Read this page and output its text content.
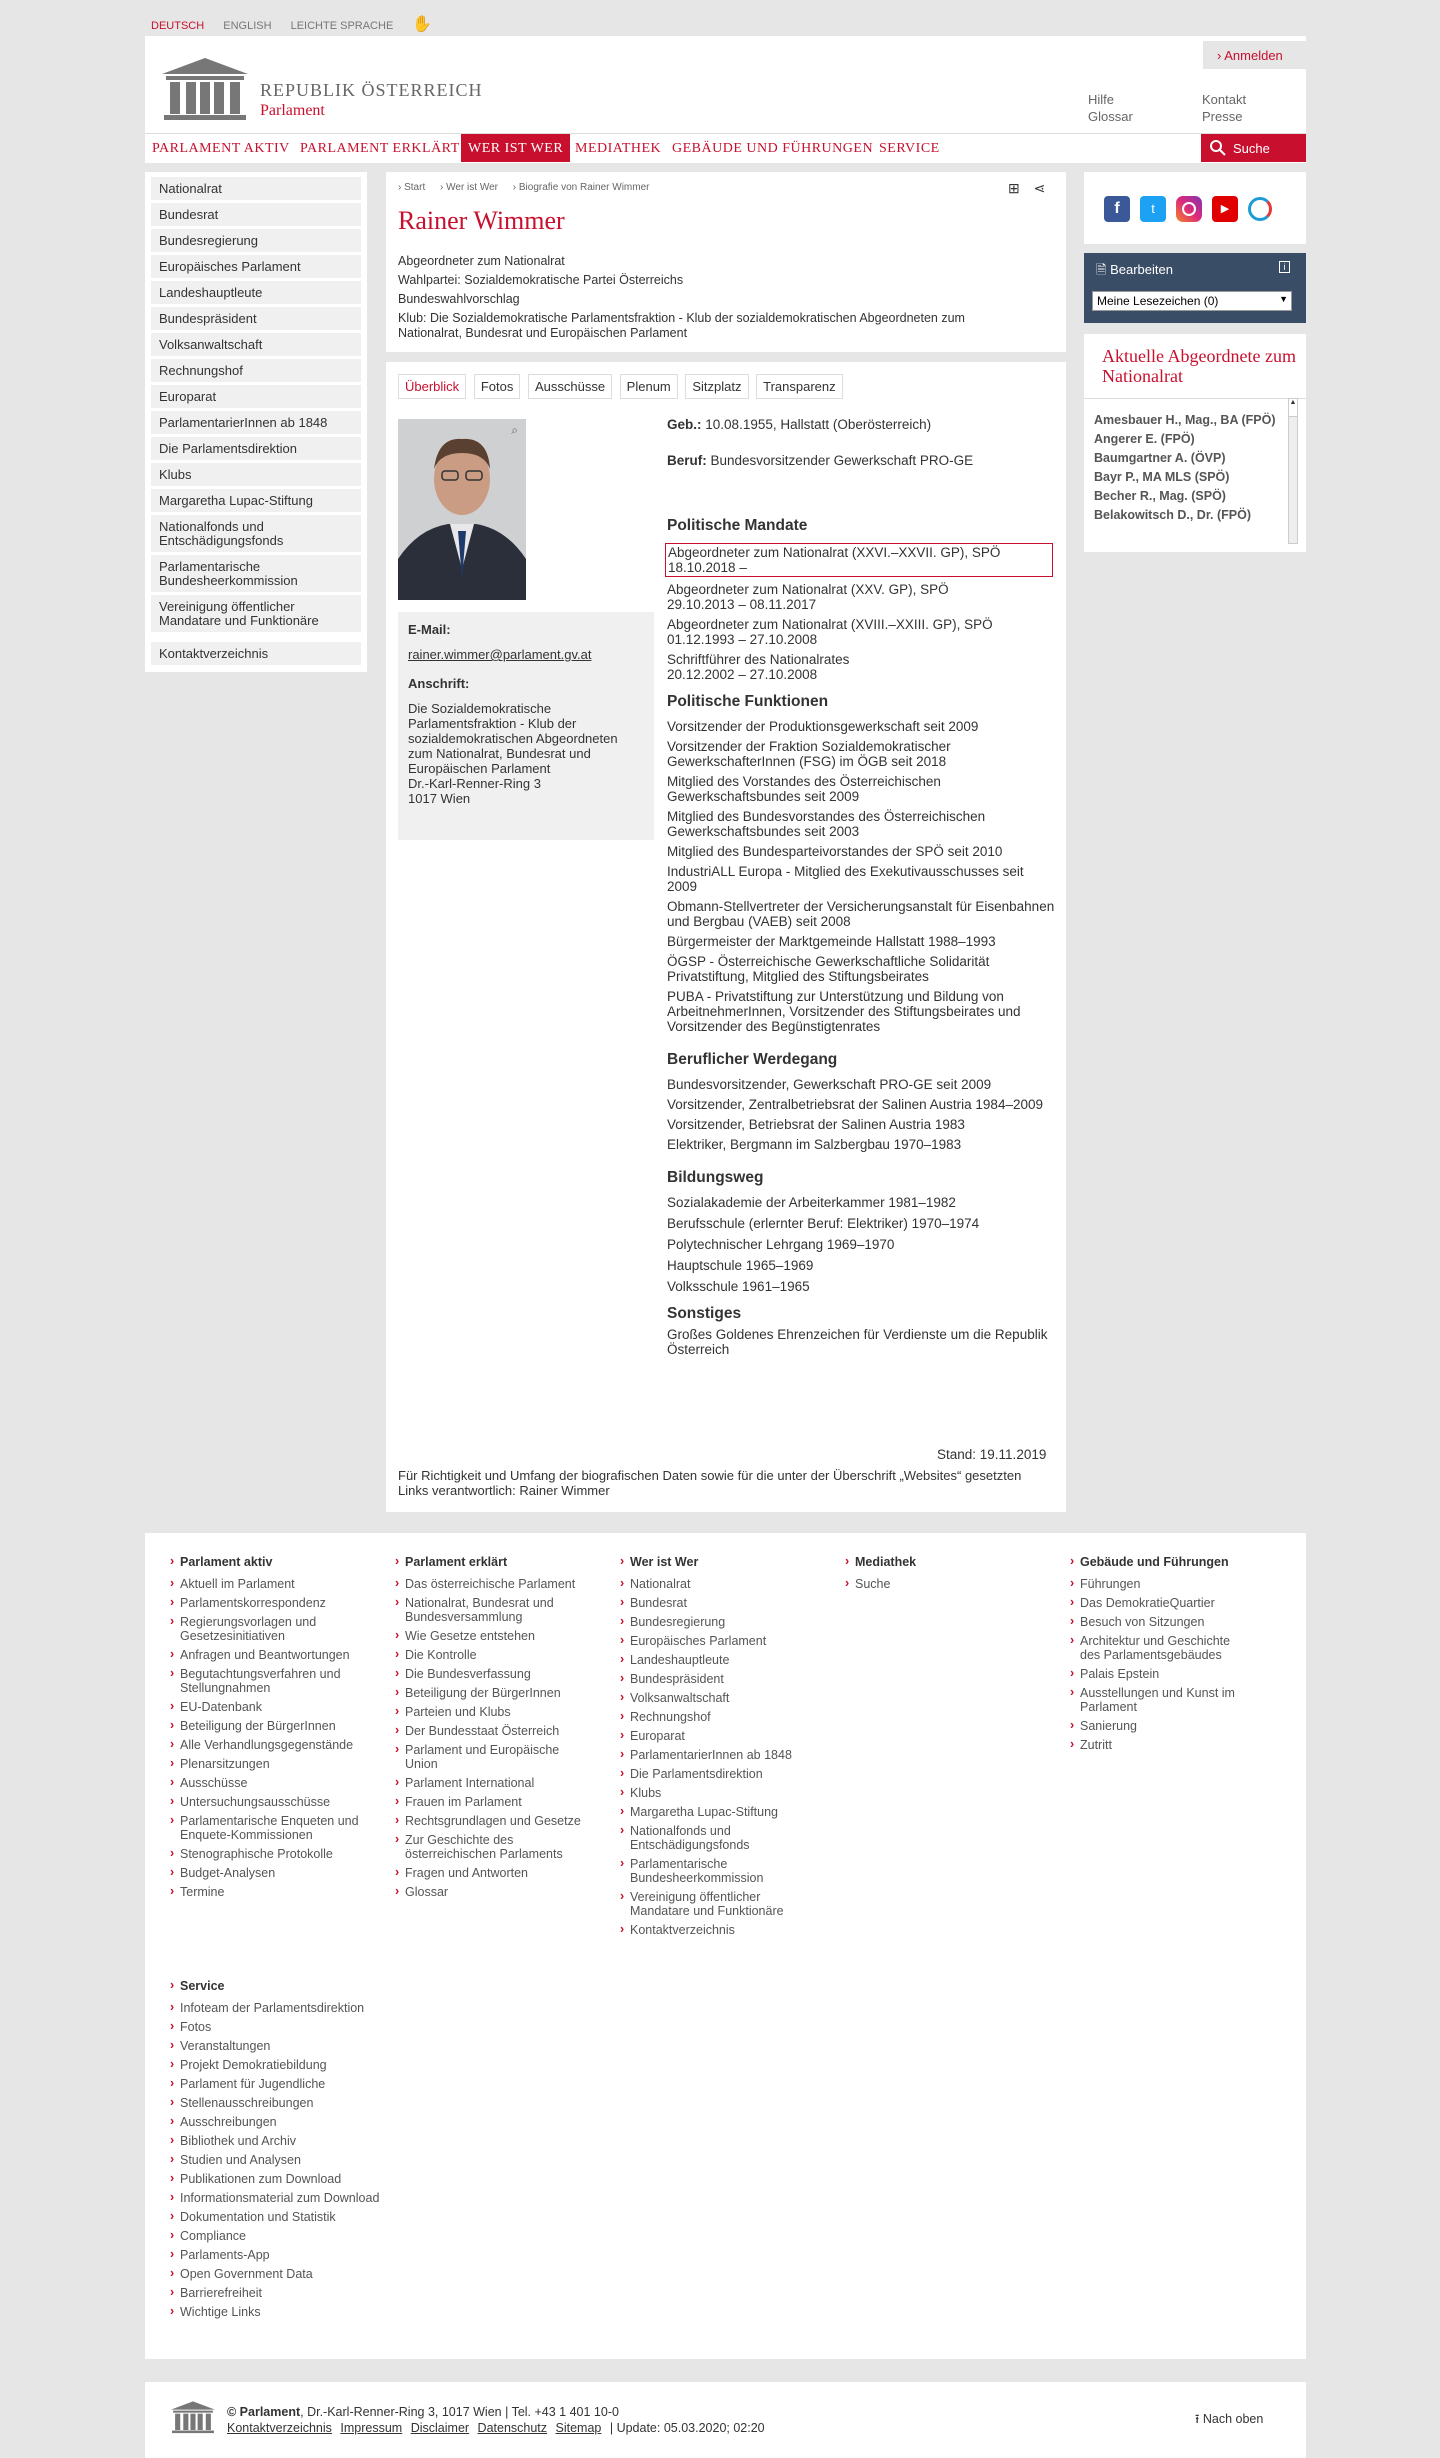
DEUTSCH ENGLISH LEICHTE SPRACHE ✋
REPUBLIK ÖSTERREICH
Parlament
› Anmelden
Hilfe
Glossar
Kontakt
Presse
PARLAMENT AKTIV PARLAMENT ERKLÄRT WER IST WER MEDIATHEK GEBÄUDE UND FÜHRUNGEN SERVICE	Suche
Nationalrat
Bundesrat
Bundesregierung
Europäisches Parlament
Landeshauptleute
Bundespräsident
Volksanwaltschaft
Rechnungshof
Europarat
ParlamentarierInnen ab 1848
Die Parlamentsdirektion
Klubs
Margaretha Lupac-Stiftung
Nationalfonds und Entschädigungsfonds
Parlamentarische Bundesheerkommission
Vereinigung öffentlicher Mandatare und Funktionäre
Kontaktverzeichnis
› Start › Wer ist Wer › Biografie von Rainer Wimmer	⊞ ⋖
Rainer Wimmer
Abgeordneter zum Nationalrat
Wahlpartei: Sozialdemokratische Partei Österreichs
Bundeswahlvorschlag
Klub: Die Sozialdemokratische Parlamentsfraktion - Klub der sozialdemokratischen Abgeordneten zum Nationalrat, Bundesrat und Europäischen Parlament
Überblick Fotos Ausschüsse Plenum Sitzplatz Transparenz
⌕
E-Mail:
rainer.wimmer@parlament.gv.at
Anschrift:
Die Sozialdemokratische Parlamentsfraktion - Klub der sozialdemokratischen Abgeordneten zum Nationalrat, Bundesrat und Europäischen Parlament
Dr.-Karl-Renner-Ring 3
1017 Wien
Geb.: 10.08.1955, Hallstatt (Oberösterreich)
Beruf: Bundesvorsitzender Gewerkschaft PRO-GE
Politische Mandate
Abgeordneter zum Nationalrat (XXVI.–XXVII. GP), SPÖ
18.10.2018 –
Abgeordneter zum Nationalrat (XXV. GP), SPÖ
29.10.2013 – 08.11.2017
Abgeordneter zum Nationalrat (XVIII.–XXIII. GP), SPÖ
01.12.1993 – 27.10.2008
Schriftführer des Nationalrates
20.12.2002 – 27.10.2008
Politische Funktionen
Vorsitzender der Produktionsgewerkschaft seit 2009
Vorsitzender der Fraktion Sozialdemokratischer GewerkschafterInnen (FSG) im ÖGB seit 2018
Mitglied des Vorstandes des Österreichischen Gewerkschaftsbundes seit 2009
Mitglied des Bundesvorstandes des Österreichischen Gewerkschaftsbundes seit 2003
Mitglied des Bundesparteivorstandes der SPÖ seit 2010
IndustriALL Europa - Mitglied des Exekutivausschusses seit 2009
Obmann-Stellvertreter der Versicherungsanstalt für Eisenbahnen und Bergbau (VAEB) seit 2008
Bürgermeister der Marktgemeinde Hallstatt 1988–1993
ÖGSP - Österreichische Gewerkschaftliche Solidarität Privatstiftung, Mitglied des Stiftungsbeirates
PUBA - Privatstiftung zur Unterstützung und Bildung von ArbeitnehmerInnen, Vorsitzender des Stiftungsbeirates und Vorsitzender des Begünstigtenrates
Beruflicher Werdegang
Bundesvorsitzender, Gewerkschaft PRO-GE seit 2009
Vorsitzender, Zentralbetriebsrat der Salinen Austria 1984–2009
Vorsitzender, Betriebsrat der Salinen Austria 1983
Elektriker, Bergmann im Salzbergbau 1970–1983
Bildungsweg
Sozialakademie der Arbeiterkammer 1981–1982
Berufsschule (erlernter Beruf: Elektriker) 1970–1974
Polytechnischer Lehrgang 1969–1970
Hauptschule 1965–1969
Volksschule 1961–1965
Sonstiges
Großes Goldenes Ehrenzeichen für Verdienste um die Republik Österreich
Stand: 19.11.2019
Für Richtigkeit und Umfang der biografischen Daten sowie für die unter der Überschrift „Websites“ gesetzten Links verantwortlich: Rainer Wimmer
f	t	▶
🗎 Bearbeiten	i
Meine Lesezeichen (0)	▼
Aktuelle Abgeordnete zum Nationalrat
Amesbauer H., Mag., BA (FPÖ)
Angerer E. (FPÖ)
Baumgartner A. (ÖVP)
Bayr P., MA MLS (SPÖ)
Becher R., Mag. (SPÖ)
Belakowitsch D., Dr. (FPÖ)
▲
› Parlament aktiv
› Aktuell im Parlament
› Parlamentskorrespondenz
› Regierungsvorlagen und Gesetzesinitiativen
› Anfragen und Beantwortungen
› Begutachtungsverfahren und Stellungnahmen
› EU-Datenbank
› Beteiligung der BürgerInnen
› Alle Verhandlungsgegenstände
› Plenarsitzungen
› Ausschüsse
› Untersuchungsausschüsse
› Parlamentarische Enqueten und Enquete-Kommissionen
› Stenographische Protokolle
› Budget-Analysen
› Termine
› Parlament erklärt
› Das österreichische Parlament
› Nationalrat, Bundesrat und Bundesversammlung
› Wie Gesetze entstehen
› Die Kontrolle
› Die Bundesverfassung
› Beteiligung der BürgerInnen
› Parteien und Klubs
› Der Bundesstaat Österreich
› Parlament und Europäische Union
› Parlament International
› Frauen im Parlament
› Rechtsgrundlagen und Gesetze
› Zur Geschichte des österreichischen Parlaments
› Fragen und Antworten
› Glossar
› Wer ist Wer
› Nationalrat
› Bundesrat
› Bundesregierung
› Europäisches Parlament
› Landeshauptleute
› Bundespräsident
› Volksanwaltschaft
› Rechnungshof
› Europarat
› ParlamentarierInnen ab 1848
› Die Parlamentsdirektion
› Klubs
› Margaretha Lupac-Stiftung
› Nationalfonds und Entschädigungsfonds
› Parlamentarische Bundesheerkommission
› Vereinigung öffentlicher Mandatare und Funktionäre
› Kontaktverzeichnis
› Mediathek
› Suche
› Gebäude und Führungen
› Führungen
› Das DemokratieQuartier
› Besuch von Sitzungen
› Architektur und Geschichte des Parlamentsgebäudes
› Palais Epstein
› Ausstellungen und Kunst im Parlament
› Sanierung
› Zutritt
› Service
› Infoteam der Parlamentsdirektion
› Fotos
› Veranstaltungen
› Projekt Demokratiebildung
› Parlament für Jugendliche
› Stellenausschreibungen
› Ausschreibungen
› Bibliothek und Archiv
› Studien und Analysen
› Publikationen zum Download
› Informationsmaterial zum Download
› Dokumentation und Statistik
› Compliance
› Parlaments-App
› Open Government Data
› Barrierefreiheit
› Wichtige Links
© Parlament, Dr.-Karl-Renner-Ring 3, 1017 Wien | Tel. +43 1 401 10-0
Kontaktverzeichnis Impressum Disclaimer Datenschutz Sitemap | Update: 05.03.2020; 02:20
⭱ Nach oben
